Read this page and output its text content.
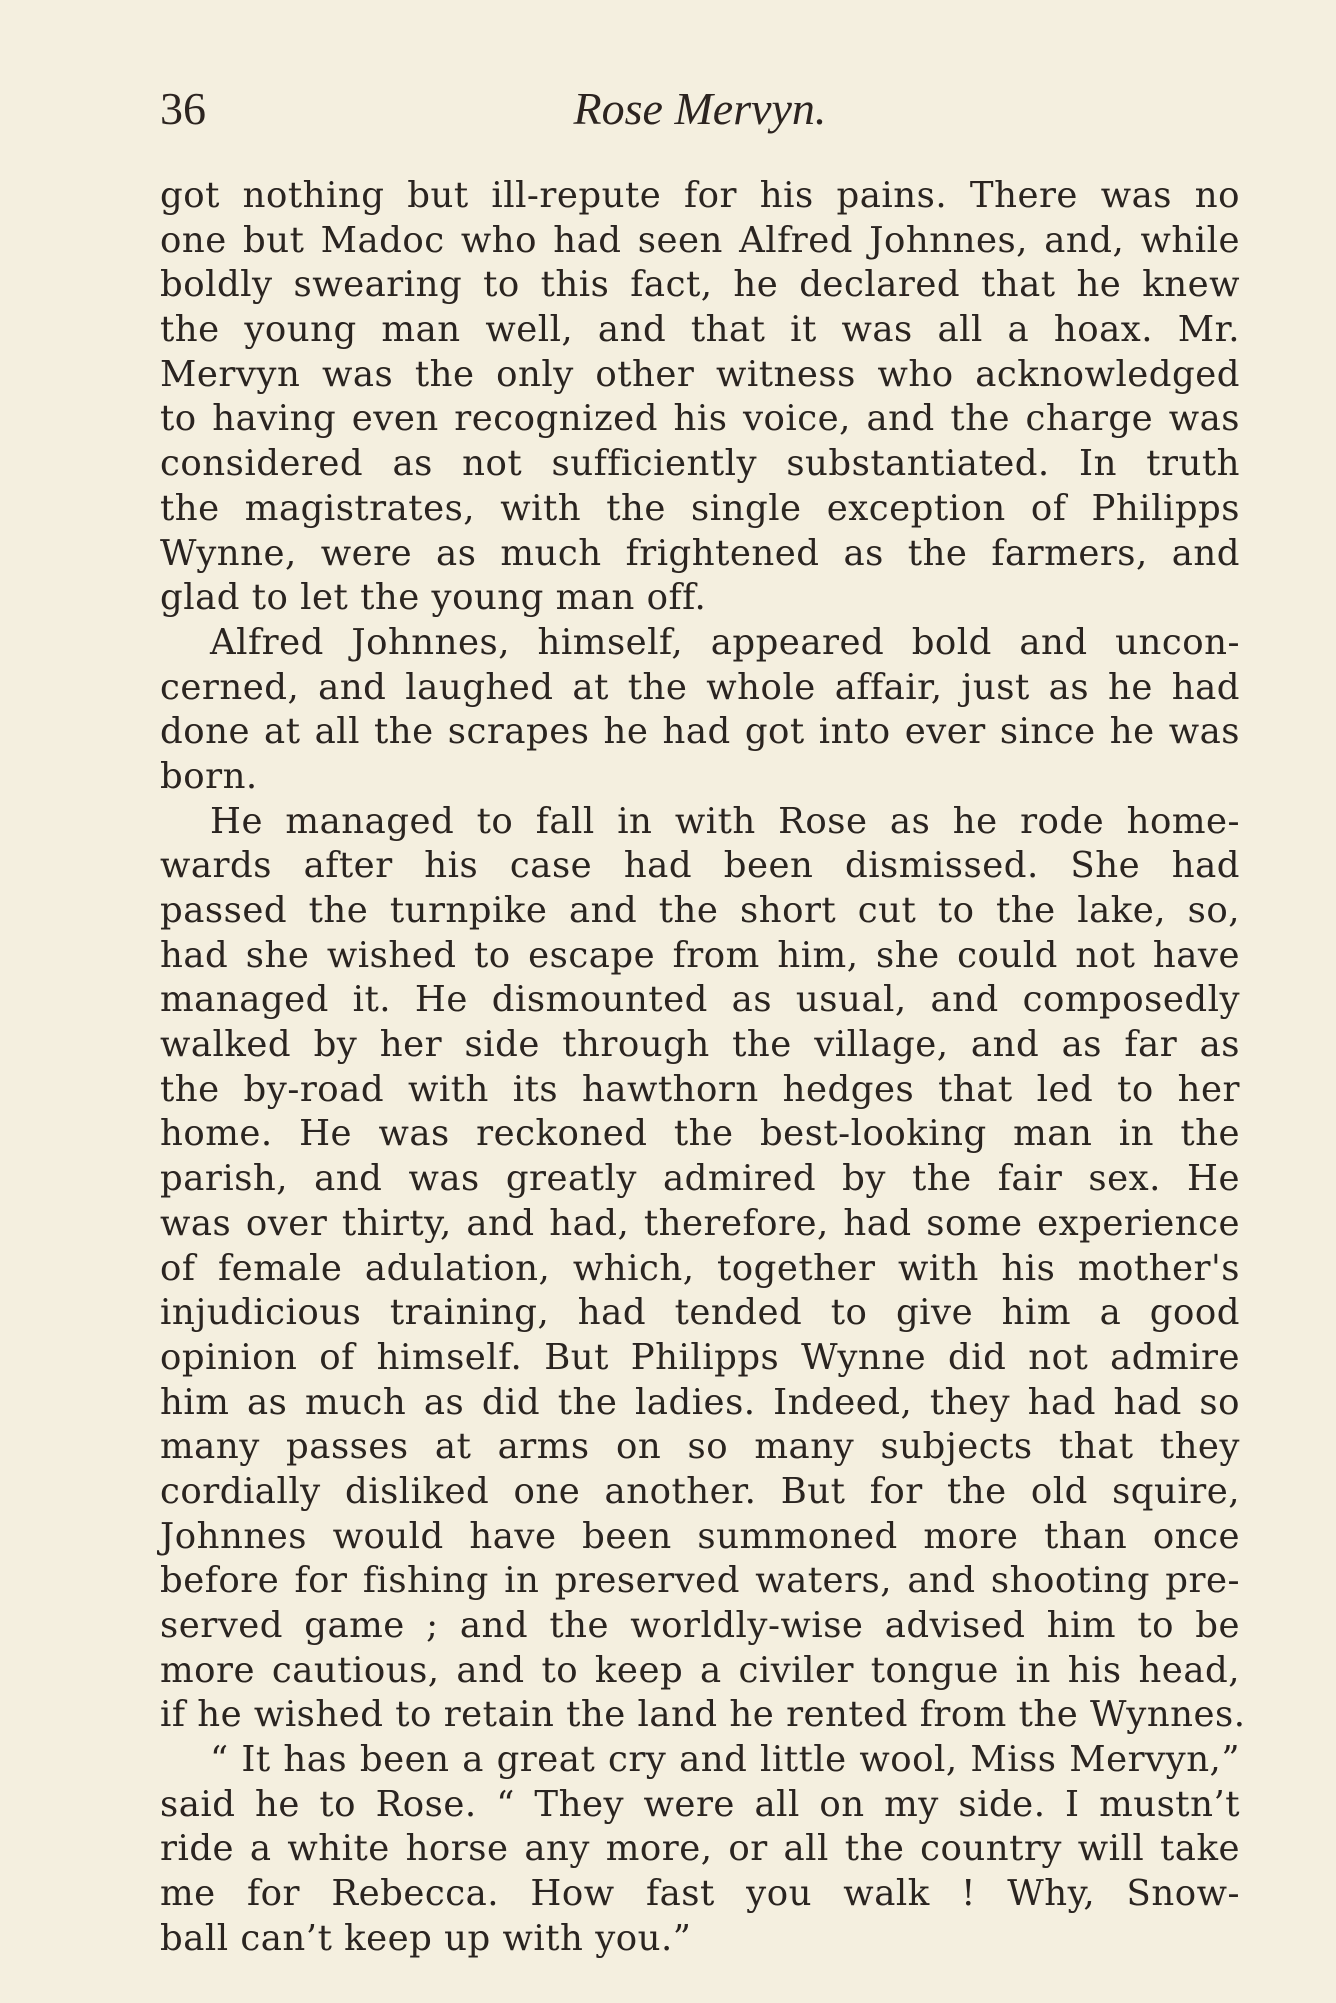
36	Rose Mervyn.
got nothing but ill-repute for his pains. There was no
one but Madoc who had seen Alfred Johnnes, and, while
boldly swearing to this fact, he declared that he knew
the young man well, and that it was all a hoax. Mr.
Mervyn was the only other witness who acknowledged
to having even recognized his voice, and the charge was
considered as not sufficiently substantiated. In truth
the magistrates, with the single exception of Philipps
Wynne, were as much frightened as the farmers, and
glad to let the young man off.
Alfred Johnnes, himself, appeared bold and uncon-
cerned, and laughed at the whole affair, just as he had
done at all the scrapes he had got into ever since he was
born.
He managed to fall in with Rose as he rode home-
wards after his case had been dismissed. She had
passed the turnpike and the short cut to the lake, so,
had she wished to escape from him, she could not have
managed it. He dismounted as usual, and composedly
walked by her side through the village, and as far as
the by-road with its hawthorn hedges that led to her
home. He was reckoned the best-looking man in the
parish, and was greatly admired by the fair sex. He
was over thirty, and had, therefore, had some experience
of female adulation, which, together with his mother's
injudicious training, had tended to give him a good
opinion of himself. But Philipps Wynne did not admire
him as much as did the ladies. Indeed, they had had so
many passes at arms on so many subjects that they
cordially disliked one another. But for the old squire,
Johnnes would have been summoned more than once
before for fishing in preserved waters, and shooting pre-
served game ; and the worldly-wise advised him to be
more cautious, and to keep a civiler tongue in his head,
if he wished to retain the land he rented from the Wynnes.
“ It has been a great cry and little wool, Miss Mervyn,”
said he to Rose. “ They were all on my side. I mustn’t
ride a white horse any more, or all the country will take
me for Rebecca. How fast you walk ! Why, Snow-
ball can’t keep up with you.”
